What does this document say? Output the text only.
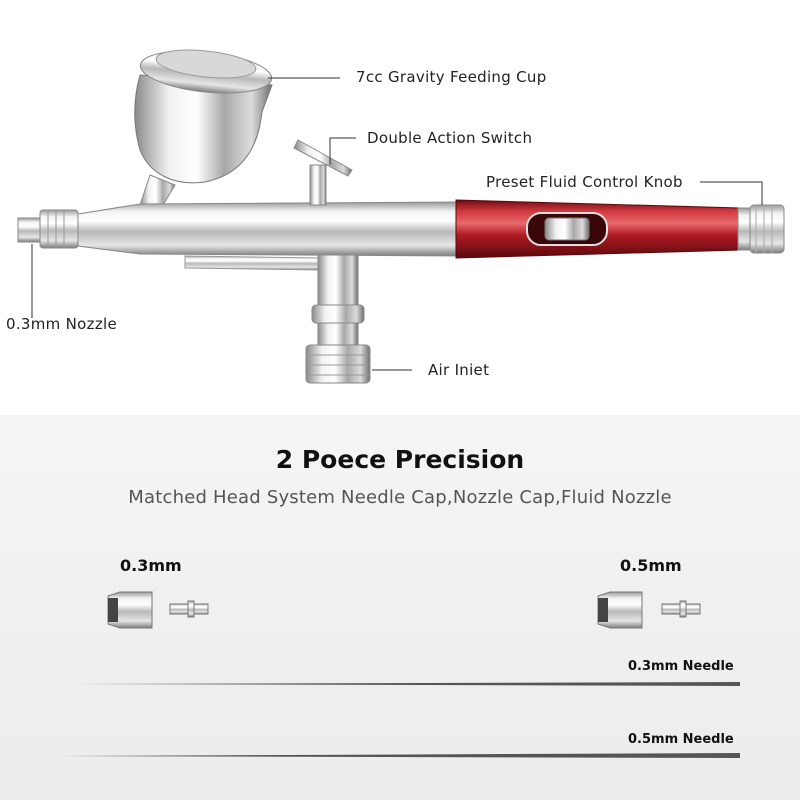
7cc Gravity Feeding Cup
Double Action Switch
Preset Fluid Control Knob
0.3mm Nozzle
Air Iniet
2 Poece Precision
Matched Head System Needle Cap,Nozzle Cap,Fluid Nozzle
0.3mm	0.5mm
0.3mm Needle
0.5mm Needle
